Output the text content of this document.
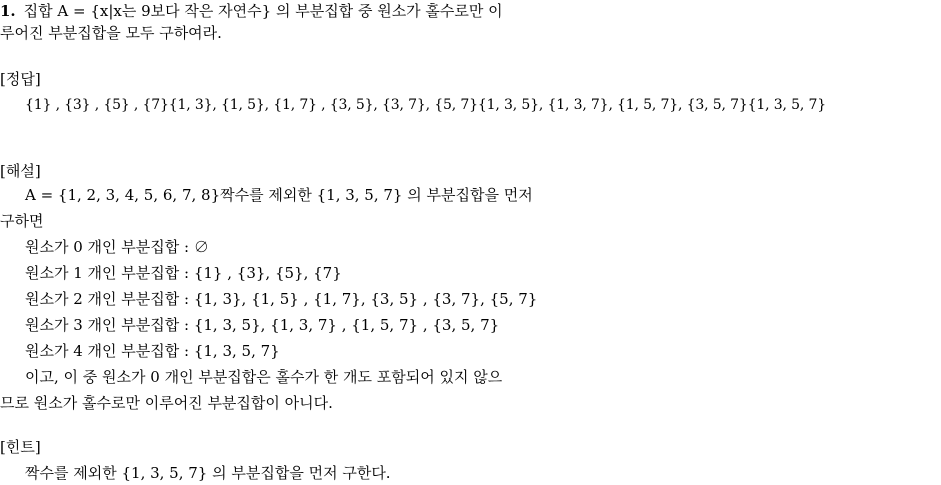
1. 집합 A = {x|x는 9보다 작은 자연수} 의 부분집합 중 원소가 홀수로만 이
루어진 부분집합을 모두 구하여라.
[정답]
{1} , {3} , {5} , {7}{1, 3}, {1, 5}, {1, 7} , {3, 5}, {3, 7}, {5, 7}{1, 3, 5}, {1, 3, 7}, {1, 5, 7}, {3, 5, 7}{1, 3, 5, 7}
[해설]
A = {1, 2, 3, 4, 5, 6, 7, 8}짝수를 제외한 {1, 3, 5, 7} 의 부분집합을 먼저
구하면
원소가 0 개인 부분집합 : ∅
원소가 1 개인 부분집합 : {1} , {3}, {5}, {7}
원소가 2 개인 부분집합 : {1, 3}, {1, 5} , {1, 7}, {3, 5} , {3, 7}, {5, 7}
원소가 3 개인 부분집합 : {1, 3, 5}, {1, 3, 7} , {1, 5, 7} , {3, 5, 7}
원소가 4 개인 부분집합 : {1, 3, 5, 7}
이고, 이 중 원소가 0 개인 부분집합은 홀수가 한 개도 포함되어 있지 않으
므로 원소가 홀수로만 이루어진 부분집합이 아니다.
[힌트]
짝수를 제외한 {1, 3, 5, 7} 의 부분집합을 먼저 구한다.
